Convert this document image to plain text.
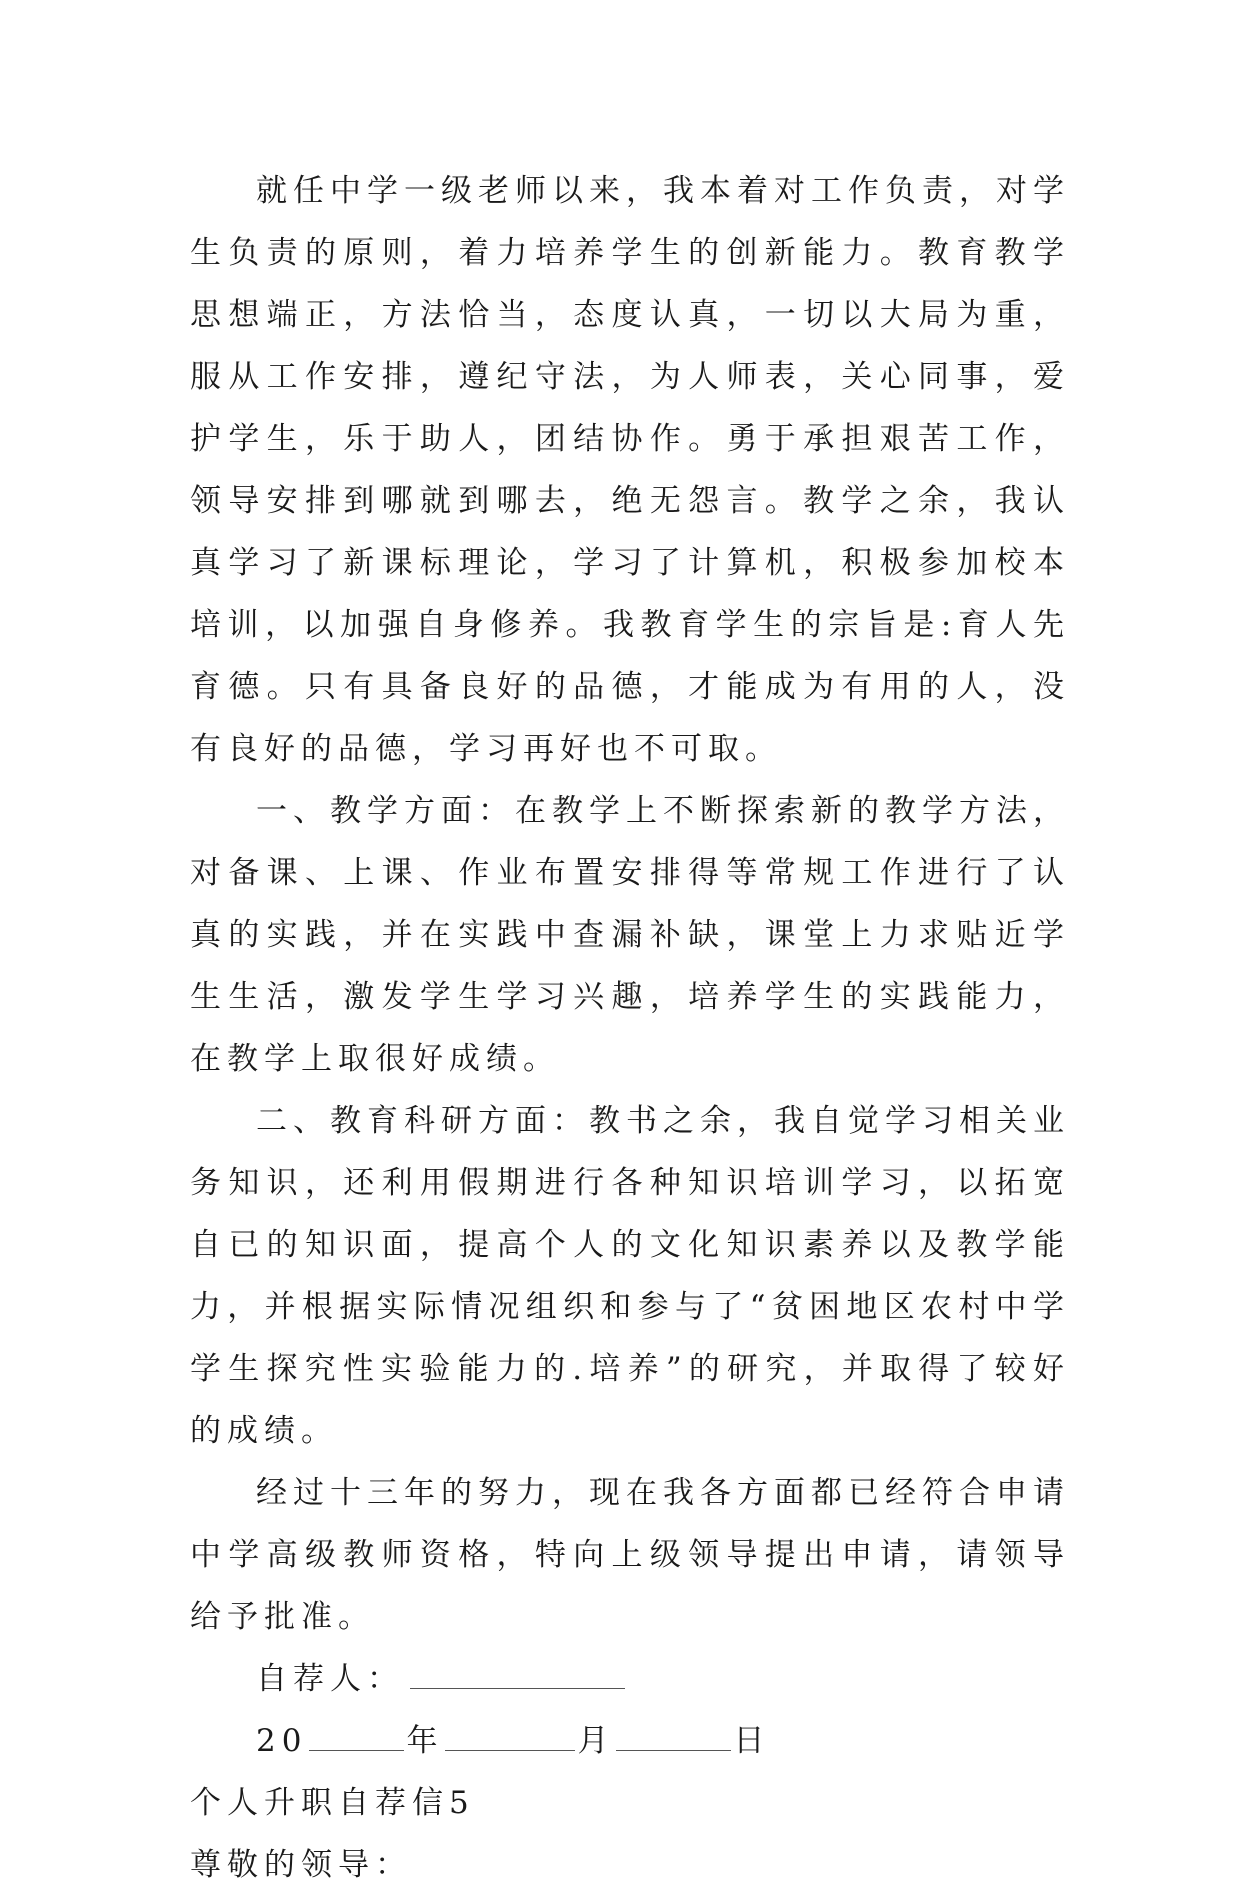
就任中学一级老师以来，我本着对工作负责，对学生负责的原则，着力培养学生的创新能力。教育教学思想端正，方法恰当，态度认真，一切以大局为重，服从工作安排，遵纪守法，为人师表，关心同事，爱护学生，乐于助人，团结协作。勇于承担艰苦工作，领导安排到哪就到哪去，绝无怨言。教学之余，我认真学习了新课标理论，学习了计算机，积极参加校本培训，以加强自身修养。我教育学生的宗旨是:育人先育德。只有具备良好的品德，才能成为有用的人，没有良好的品德，学习再好也不可取。

一、教学方面：在教学上不断探索新的教学方法，对备课、上课、作业布置安排得等常规工作进行了认真的实践，并在实践中查漏补缺，课堂上力求贴近学生生活，激发学生学习兴趣，培养学生的实践能力，在教学上取很好成绩。

二、教育科研方面：教书之余，我自觉学习相关业务知识，还利用假期进行各种知识培训学习，以拓宽自已的知识面，提高个人的文化知识素养以及教学能力，并根据实际情况组织和参与了“贫困地区农村中学学生探究性实验能力的.培养”的研究，并取得了较好的成绩。

经过十三年的努力，现在我各方面都已经符合申请中学高级教师资格，特向上级领导提出申请，请领导给予批准。

自荐人：

20	年	月	日

个人升职自荐信5

尊敬的领导：
